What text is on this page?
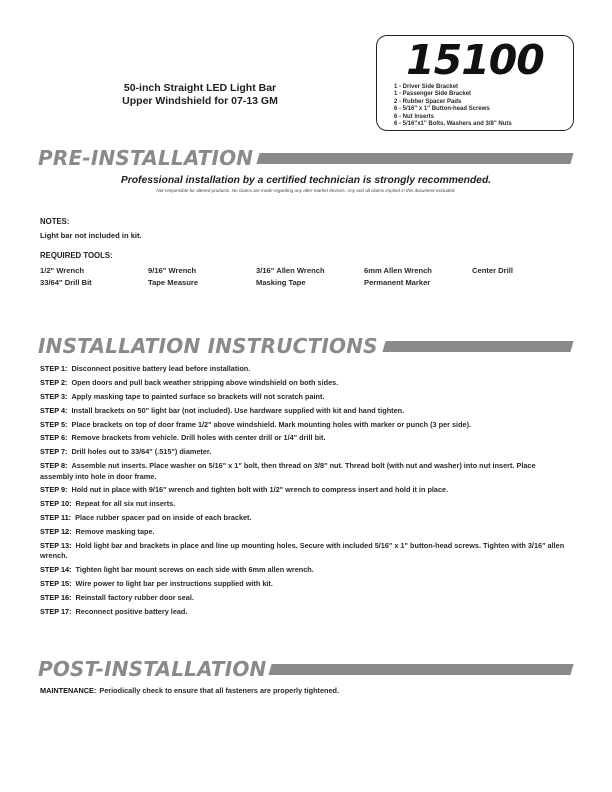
50-inch Straight LED Light Bar
Upper Windshield for 07-13 GM
15100
1 - Driver Side Bracket
1 - Passenger Side Bracket
2 - Rubber Spacer Pads
6 - 5/16" x 1" Button-head Screws
6 - Nut Inserts
6 - 5/16"x1" Bolts, Washers and 3/8" Nuts
PRE-INSTALLATION
Professional installation by a certified technician is strongly recommended.
Not responsible for altered products. No claims are made regarding any after-market devices. Any and all claims implied in this document excluded.
NOTES:
Light bar not included in kit.
REQUIRED TOOLS:
1/2" Wrench	9/16" Wrench	3/16" Allen Wrench	6mm Allen Wrench	Center Drill
33/64" Drill Bit	Tape Measure	Masking Tape	Permanent Marker
INSTALLATION INSTRUCTIONS
STEP 1: Disconnect positive battery lead before installation.
STEP 2: Open doors and pull back weather stripping above windshield on both sides.
STEP 3: Apply masking tape to painted surface so brackets will not scratch paint.
STEP 4: Install brackets on 50" light bar (not included). Use hardware supplied with kit and hand tighten.
STEP 5: Place brackets on top of door frame 1/2" above windshield. Mark mounting holes with marker or punch (3 per side).
STEP 6: Remove brackets from vehicle. Drill holes with center drill or 1/4" drill bit.
STEP 7: Drill holes out to 33/64" (.515") diameter.
STEP 8: Assemble nut inserts. Place washer on 5/16" x 1" bolt, then thread on 3/8" nut. Thread bolt (with nut and washer) into nut insert. Place assembly into hole in door frame.
STEP 9: Hold nut in place with 9/16" wrench and tighten bolt with 1/2" wrench to compress insert and hold it in place.
STEP 10: Repeat for all six nut inserts.
STEP 11: Place rubber spacer pad on inside of each bracket.
STEP 12: Remove masking tape.
STEP 13: Hold light bar and brackets in place and line up mounting holes. Secure with included 5/16" x 1" button-head screws. Tighten with 3/16" allen wrench.
STEP 14: Tighten light bar mount screws on each side with 6mm allen wrench.
STEP 15: Wire power to light bar per instructions supplied with kit.
STEP 16: Reinstall factory rubber door seal.
STEP 17: Reconnect positive battery lead.
POST-INSTALLATION
MAINTENANCE: Periodically check to ensure that all fasteners are properly tightened.
